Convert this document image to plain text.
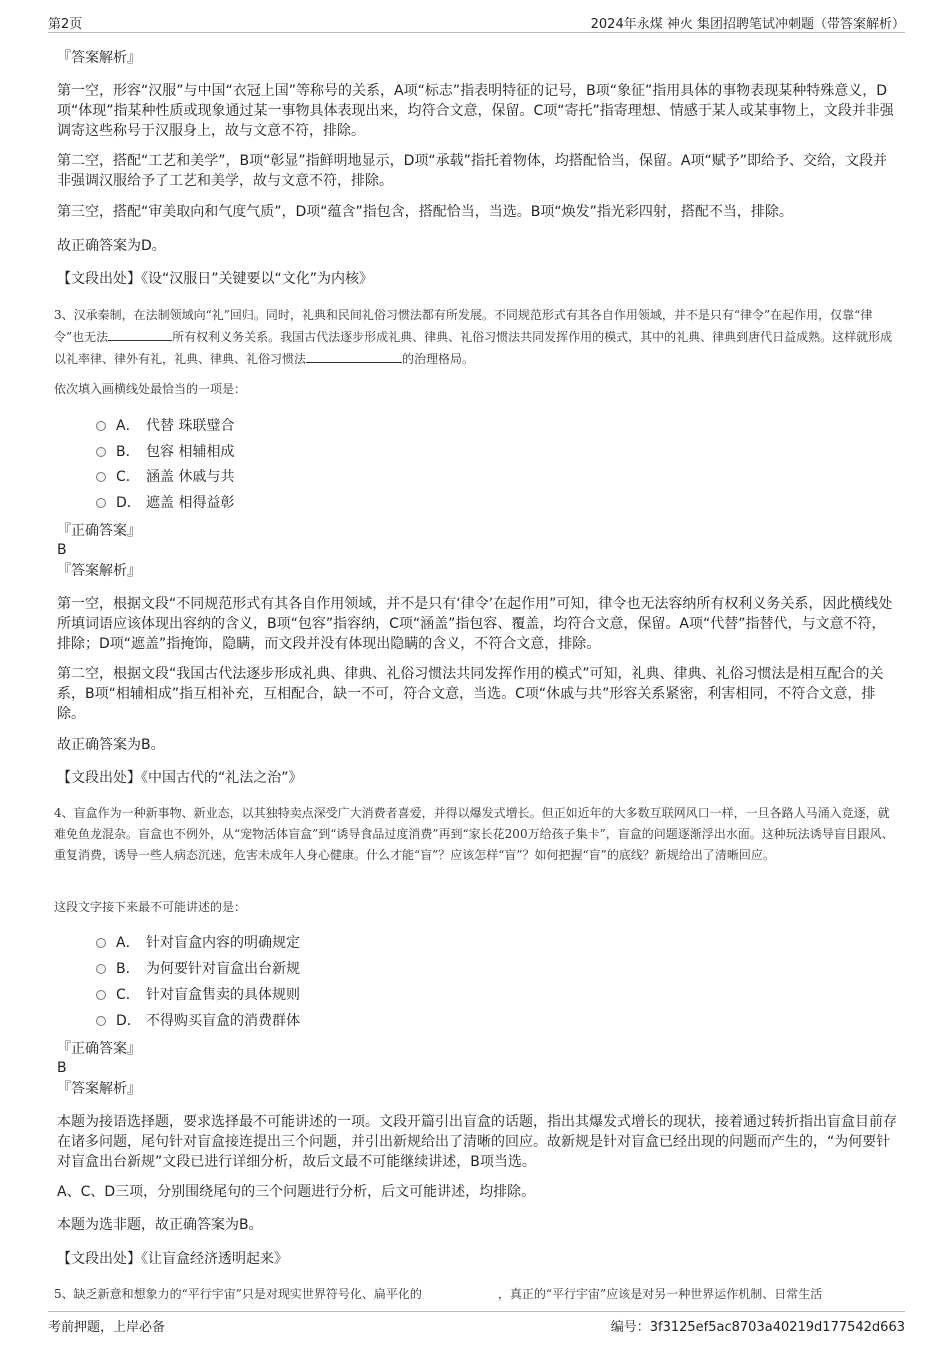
第2页	2024年永煤 神火 集团招聘笔试冲刺题（带答案解析）
『答案解析』

第一空，形容“汉服”与中国“衣冠上国”等称号的关系，A项“标志”指表明特征的记号，B项“象征”指用具体的事物表现某种特殊意义，D项“体现”指某种性质或现象通过某一事物具体表现出来，均符合文意，保留。C项“寄托”指寄理想、情感于某人或某事物上，文段并非强调寄这些称号于汉服身上，故与文意不符，排除。

第二空，搭配“工艺和美学”，B项“彰显”指鲜明地显示，D项“承载”指托着物体，均搭配恰当，保留。A项“赋予”即给予、交给，文段并非强调汉服给予了工艺和美学，故与文意不符，排除。

第三空，搭配“审美取向和气度气质”，D项“蕴含”指包含，搭配恰当，当选。B项“焕发”指光彩四射，搭配不当，排除。

故正确答案为D。

【文段出处】《设“汉服日”关键要以“文化”为内核》

3、汉承秦制，在法制领域向“礼”回归。同时，礼典和民间礼俗习惯法都有所发展。不同规范形式有其各自作用领域，并不是只有“律令”在起作用，仅靠“律令”也无法	所有权利义务关系。我国古代法逐步形成礼典、律典、礼俗习惯法共同发挥作用的模式，其中的礼典、律典到唐代日益成熟。这样就形成以礼率律、律外有礼，礼典、律典、礼俗习惯法	的治理格局。

依次填入画横线处最恰当的一项是：

A． 代替 珠联璧合
B． 包容 相辅相成
C． 涵盖 休戚与共
D． 遮盖 相得益彰
『正确答案』
B
『答案解析』

第一空，根据文段“不同规范形式有其各自作用领域，并不是只有‘律令’在起作用”可知，律令也无法容纳所有权利义务关系，因此横线处所填词语应该体现出容纳的含义，B项“包容”指容纳，C项“涵盖”指包容、覆盖，均符合文意，保留。A项“代替”指替代，与文意不符，排除；D项“遮盖”指掩饰，隐瞒，而文段并没有体现出隐瞒的含义，不符合文意，排除。

第二空，根据文段“我国古代法逐步形成礼典、律典、礼俗习惯法共同发挥作用的模式”可知，礼典、律典、礼俗习惯法是相互配合的关系，B项“相辅相成”指互相补充，互相配合，缺一不可，符合文意，当选。C项“休戚与共”形容关系紧密，利害相同，不符合文意，排除。

故正确答案为B。

【文段出处】《中国古代的“礼法之治”》

4、盲盒作为一种新事物、新业态，以其独特卖点深受广大消费者喜爱，并得以爆发式增长。但正如近年的大多数互联网风口一样，一旦各路人马涌入竞逐，就难免鱼龙混杂。盲盒也不例外，从“宠物活体盲盒”到“诱导食品过度消费”再到“家长花200万给孩子集卡”，盲盒的问题逐渐浮出水面。这种玩法诱导盲目跟风、重复消费，诱导一些人病态沉迷，危害未成年人身心健康。什么才能“盲”？应该怎样“盲”？如何把握“盲”的底线？新规给出了清晰回应。

这段文字接下来最不可能讲述的是：

A． 针对盲盒内容的明确规定
B． 为何要针对盲盒出台新规
C． 针对盲盒售卖的具体规则
D． 不得购买盲盒的消费群体
『正确答案』
B
『答案解析』

本题为接语选择题，要求选择最不可能讲述的一项。文段开篇引出盲盒的话题，指出其爆发式增长的现状，接着通过转折指出盲盒目前存在诸多问题，尾句针对盲盒接连提出三个问题，并引出新规给出了清晰的回应。故新规是针对盲盒已经出现的问题而产生的，“为何要针对盲盒出台新规”文段已进行详细分析，故后文最不可能继续讲述，B项当选。

A、C、D三项，分别围绕尾句的三个问题进行分析，后文可能讲述，均排除。

本题为选非题，故正确答案为B。

【文段出处】《让盲盒经济透明起来》

5、缺乏新意和想象力的“平行宇宙”只是对现实世界符号化、扁平化的	，真正的“平行宇宙”应该是对另一种世界运作机制、日常生活

考前押题，上岸必备	编号：3f3125ef5ac8703a40219d177542d663
